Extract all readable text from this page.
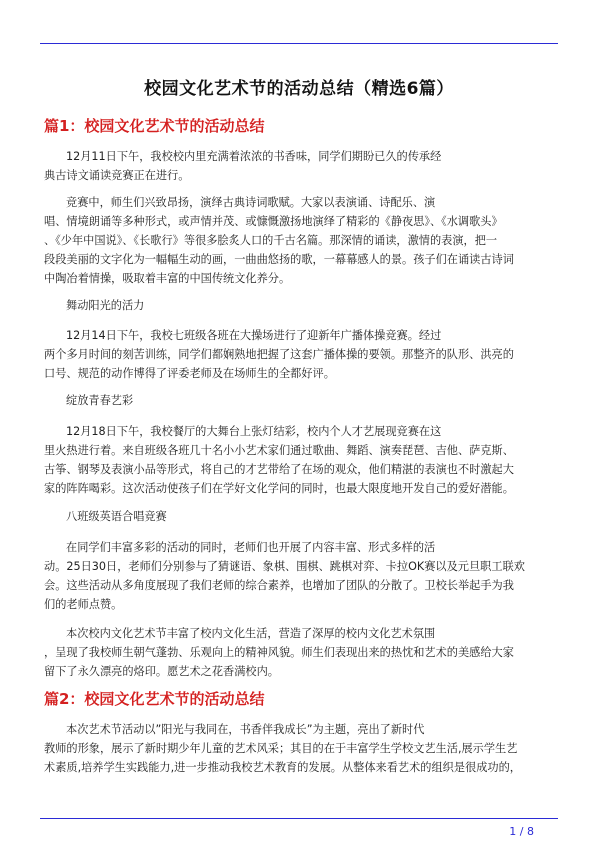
校园文化艺术节的活动总结（精选6篇）
篇1：校园文化艺术节的活动总结
12月11日下午，我校校内里充满着浓浓的书香味，同学们期盼已久的传承经
典古诗文诵读竞赛正在进行。
竞赛中，师生们兴致昂扬，演绎古典诗词歌赋。大家以表演诵、诗配乐、演
唱、情境朗诵等多种形式，或声情并茂、或慷慨激扬地演绎了精彩的《静夜思》、《水调歌头》
、《少年中国说》、《长歌行》等很多脍炙人口的千古名篇。那深情的诵读，激情的表演，把一
段段美丽的文字化为一幅幅生动的画，一曲曲悠扬的歌，一幕幕感人的景。孩子们在诵读古诗词
中陶冶着情操，吸取着丰富的中国传统文化养分。
舞动阳光的活力
12月14日下午，我校七班级各班在大操场进行了迎新年广播体操竞赛。经过
两个多月时间的刻苦训练，同学们都娴熟地把握了这套广播体操的要领。那整齐的队形、洪亮的
口号、规范的动作博得了评委老师及在场师生的全都好评。
绽放青春艺彩
12月18日下午，我校餐厅的大舞台上张灯结彩，校内个人才艺展现竞赛在这
里火热进行着。来自班级各班几十名小小艺术家们通过歌曲、舞蹈、演奏琵琶、吉他、萨克斯、
古筝、钢琴及表演小品等形式，将自己的才艺带给了在场的观众，他们精湛的表演也不时激起大
家的阵阵喝彩。这次活动使孩子们在学好文化学问的同时，也最大限度地开发自己的爱好潜能。
八班级英语合唱竞赛
在同学们丰富多彩的活动的同时，老师们也开展了内容丰富、形式多样的活
动。25日30日，老师们分别参与了猜谜语、象棋、围棋、跳棋对弈、卡拉OK赛以及元旦职工联欢
会。这些活动从多角度展现了我们老师的综合素养，也增加了团队的分散了。卫校长举起手为我
们的老师点赞。
本次校内文化艺术节丰富了校内文化生活，营造了深厚的校内文化艺术氛围
，呈现了我校师生朝气蓬勃、乐观向上的精神风貌。师生们表现出来的热忱和艺术的美感给大家
留下了永久漂亮的烙印。愿艺术之花香满校内。
篇2：校园文化艺术节的活动总结
本次艺术节活动以”阳光与我同在，书香伴我成长”为主题，亮出了新时代
教师的形象，展示了新时期少年儿童的艺术风采；其目的在于丰富学生学校文艺生活,展示学生艺
术素质,培养学生实践能力,进一步推动我校艺术教育的发展。从整体来看艺术的组织是很成功的，
1 / 8
